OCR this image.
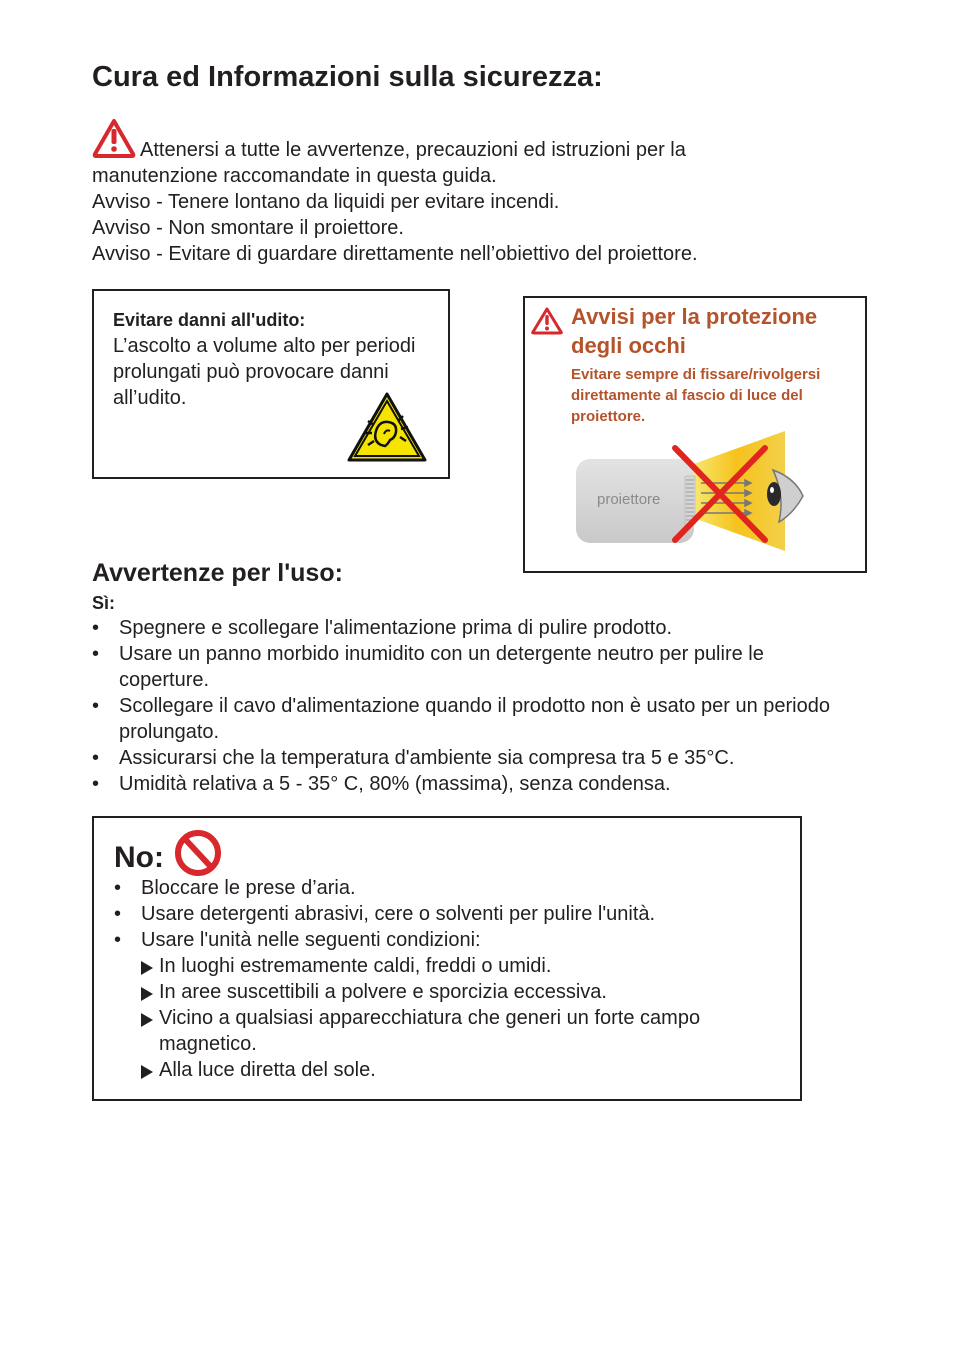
Cura ed Informazioni sulla sicurezza:
Attenersi a tutte le avvertenze, precauzioni ed istruzioni per la
manutenzione raccomandate in questa guida.
Avviso - Tenere lontano da liquidi per evitare incendi.
Avviso - Non smontare il proiettore.
Avviso - Evitare di guardare direttamente nell’obiettivo del proiettore.
Evitare danni all'udito:
L’ascolto a volume alto per periodi prolungati può provocare danni all’udito.
Avvisi per la protezione degli occhi
Evitare sempre di fissare/rivolgersi direttamente al fascio di luce del proiettore.
proiettore
Avvertenze per l'uso:
Sì:
• Spegnere e scollegare l'alimentazione prima di pulire prodotto.
• Usare un panno morbido inumidito con un detergente neutro per pulire le coperture.
• Scollegare il cavo d'alimentazione quando il prodotto non è usato per un periodo prolungato.
• Assicurarsi che la temperatura d'ambiente sia compresa tra 5 e 35°C.
• Umidità relativa a 5 - 35° C, 80% (massima), senza condensa.
No:
• Bloccare le prese d’aria.
• Usare detergenti abrasivi, cere o solventi per pulire l'unità.
• Usare l'unità nelle seguenti condizioni:
In luoghi estremamente caldi, freddi o umidi.
In aree suscettibili a polvere e sporcizia eccessiva.
Vicino a qualsiasi apparecchiatura che generi un forte campo magnetico.
Alla luce diretta del sole.
